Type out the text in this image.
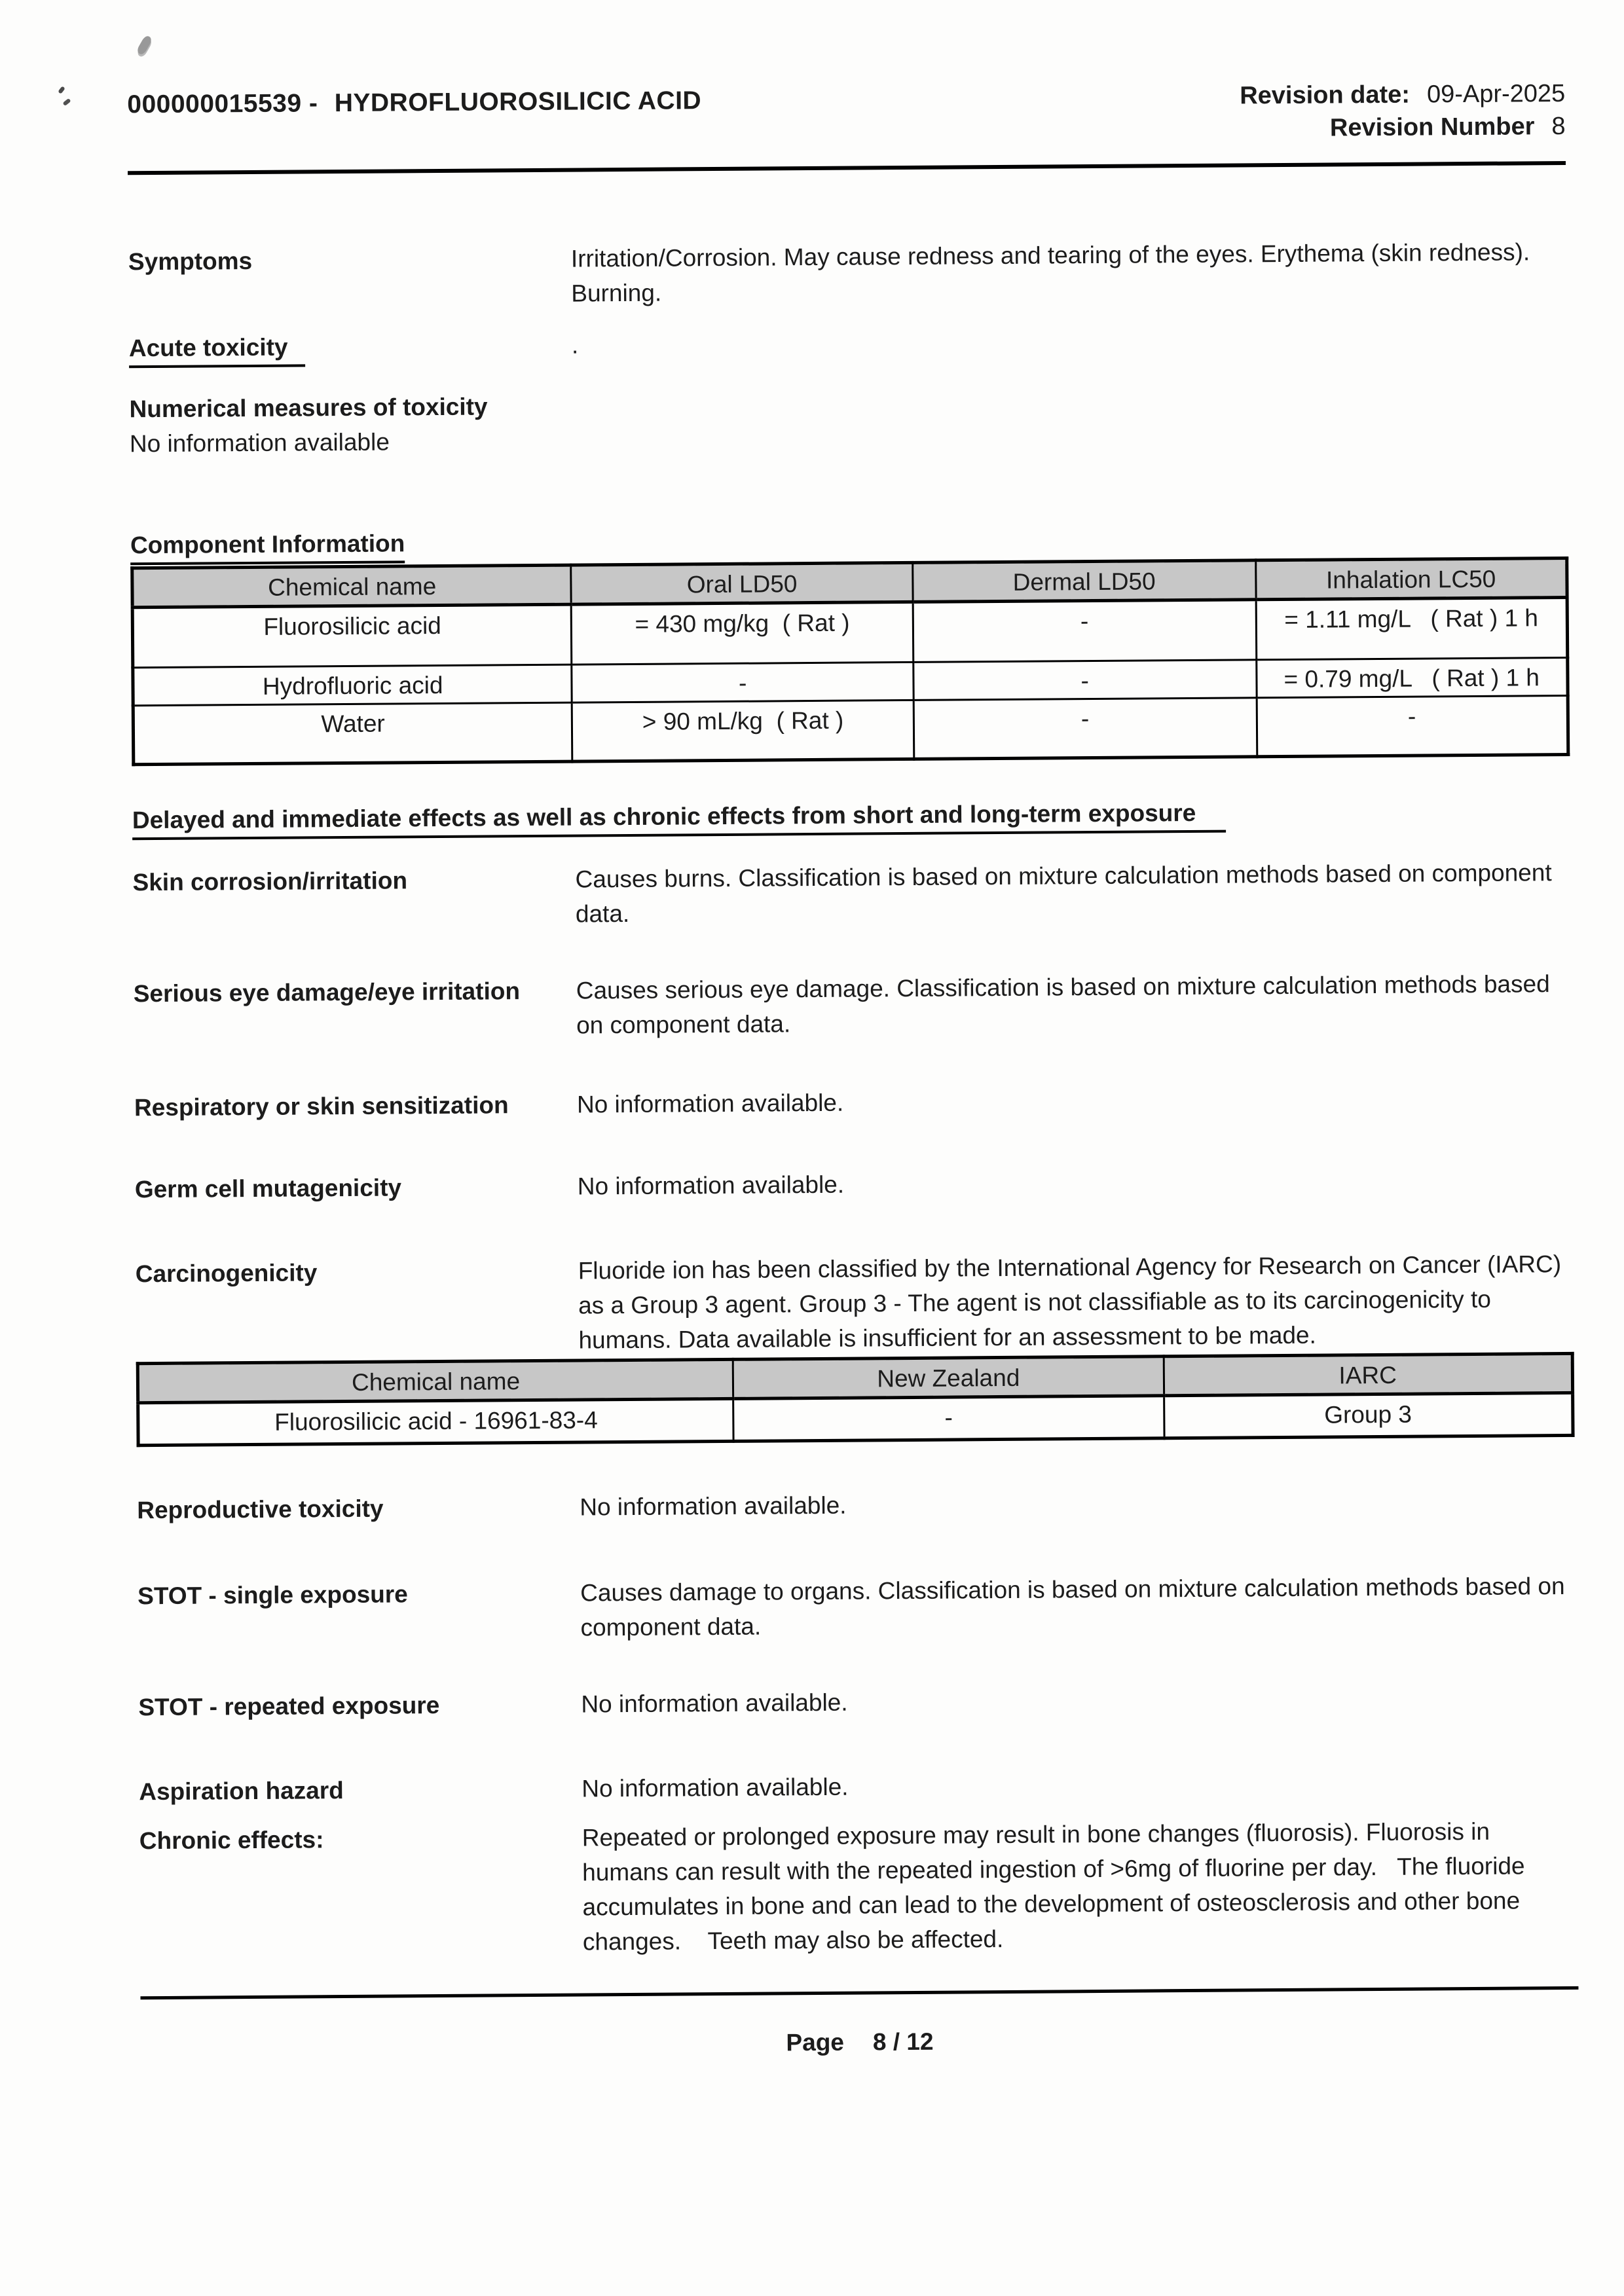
000000015539 - HYDROFLUOROSILICIC ACID	Revision date: 09-Apr-2025
Revision Number 8
Symptoms	Irritation/Corrosion. May cause redness and tearing of the eyes. Erythema (skin redness).
Burning.
Acute toxicity	.
Numerical measures of toxicity
No information available
Component Information
Chemical name	Oral LD50	Dermal LD50	Inhalation LC50
Fluorosilicic acid	= 430 mg/kg  ( Rat )	-	= 1.11 mg/L   ( Rat ) 1 h
Hydrofluoric acid	-	-	= 0.79 mg/L   ( Rat ) 1 h
Water	> 90 mL/kg  ( Rat )	-	-
Delayed and immediate effects as well as chronic effects from short and long-term exposure
Skin corrosion/irritation	Causes burns. Classification is based on mixture calculation methods based on component
data.
Serious eye damage/eye irritation	Causes serious eye damage. Classification is based on mixture calculation methods based
on component data.
Respiratory or skin sensitization	No information available.
Germ cell mutagenicity	No information available.
Carcinogenicity	Fluoride ion has been classified by the International Agency for Research on Cancer (IARC)
as a Group 3 agent. Group 3 - The agent is not classifiable as to its carcinogenicity to
humans. Data available is insufficient for an assessment to be made.
Chemical name	New Zealand	IARC
Fluorosilicic acid - 16961-83-4	-	Group 3
Reproductive toxicity	No information available.
STOT - single exposure	Causes damage to organs. Classification is based on mixture calculation methods based on
component data.
STOT - repeated exposure	No information available.
Aspiration hazard	No information available.
Chronic effects:	Repeated or prolonged exposure may result in bone changes (fluorosis). Fluorosis in
humans can result with the repeated ingestion of >6mg of fluorine per day.   The fluoride
accumulates in bone and can lead to the development of osteosclerosis and other bone
changes.    Teeth may also be affected.
Page 8 / 12
